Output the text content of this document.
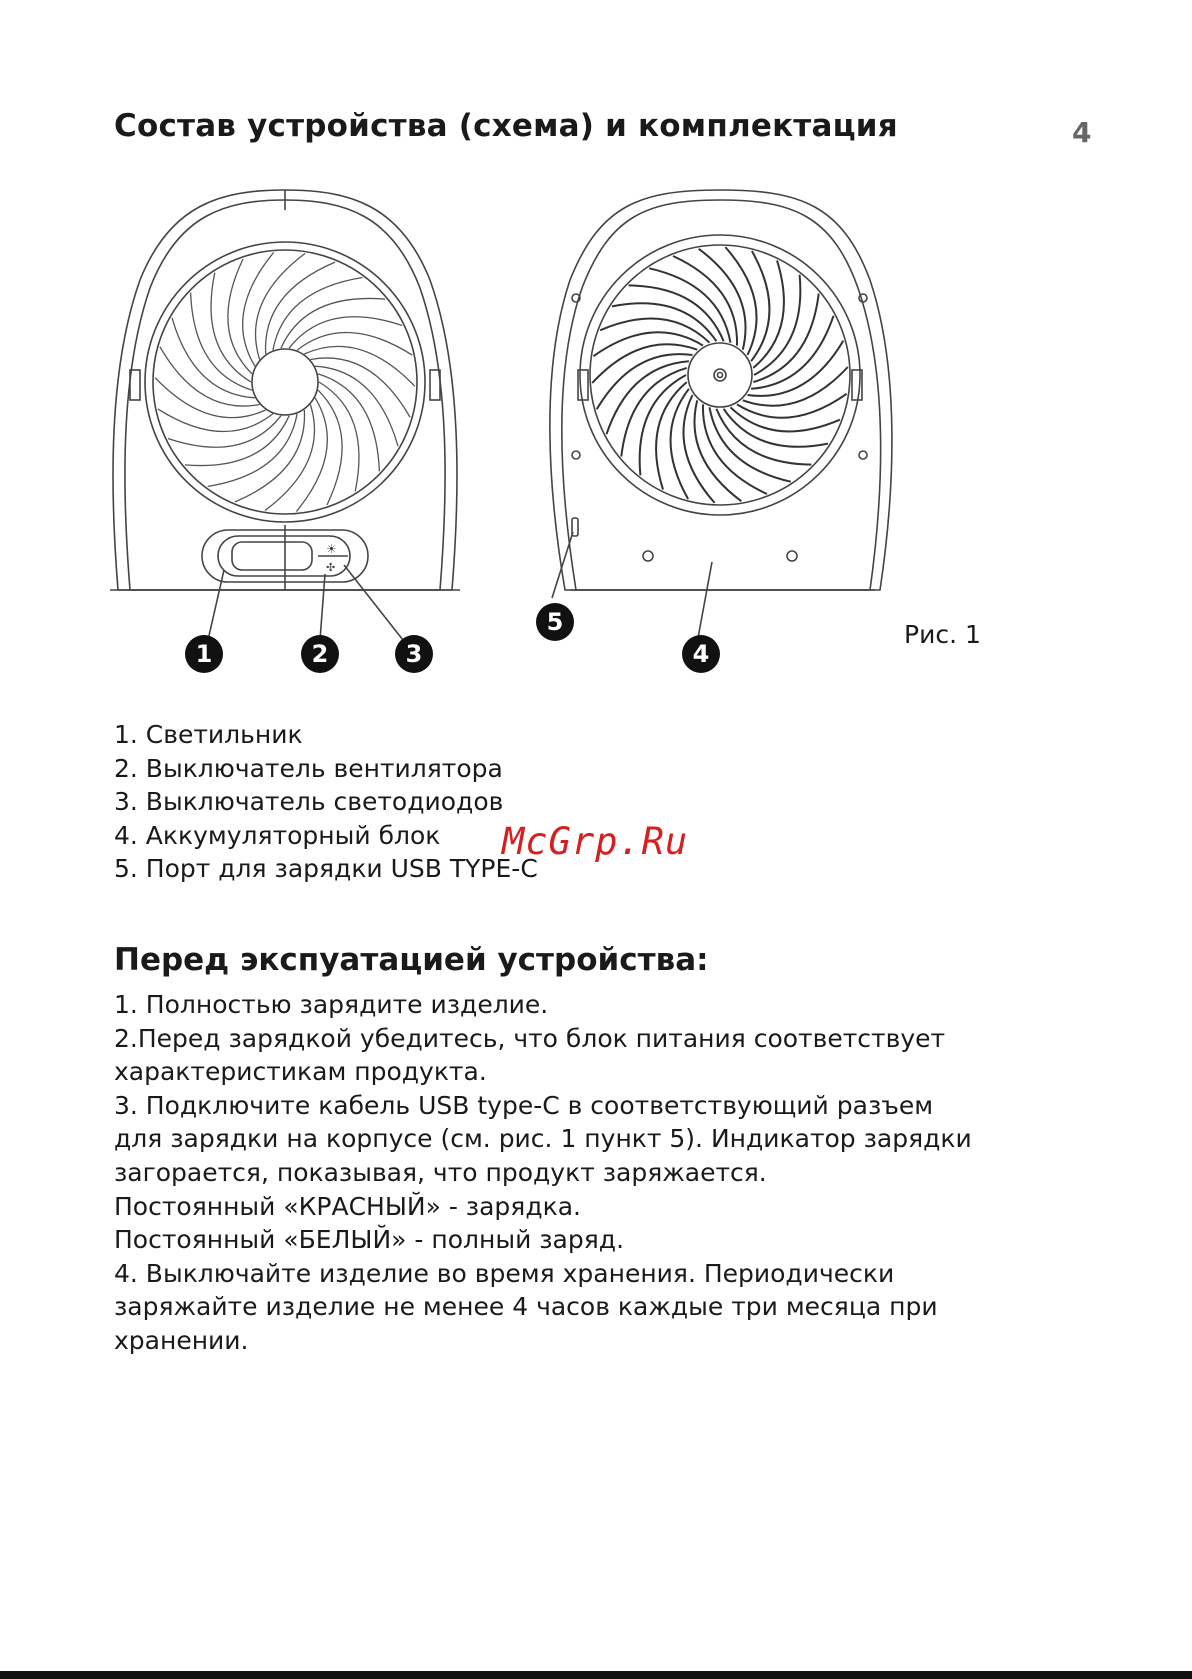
Состав устройства (схема) и комплектация	4
☀
✣
1	2	3
5
4
Рис. 1
1. Светильник
2. Выключатель вентилятора
3. Выключатель светодиодов
4. Аккумуляторный блок
5. Порт для зарядки USB TYPE-C
McGrp.Ru
Перед экспуатацией устройства:

1. Полностью зарядите изделие.

2.Перед зарядкой убедитесь, что блок питания соответствует

характеристикам продукта.

3. Подключите кабель USB type-C в соответствующий разъем

для зарядки на корпусе (см. рис. 1 пункт 5). Индикатор зарядки

загорается, показывая, что продукт заряжается.

Постоянный «КРАСНЫЙ» - зарядка.

Постоянный «БЕЛЫЙ» - полный заряд.

4. Выключайте изделие во время хранения. Периодически

заряжайте изделие не менее 4 часов каждые три месяца при

хранении.
